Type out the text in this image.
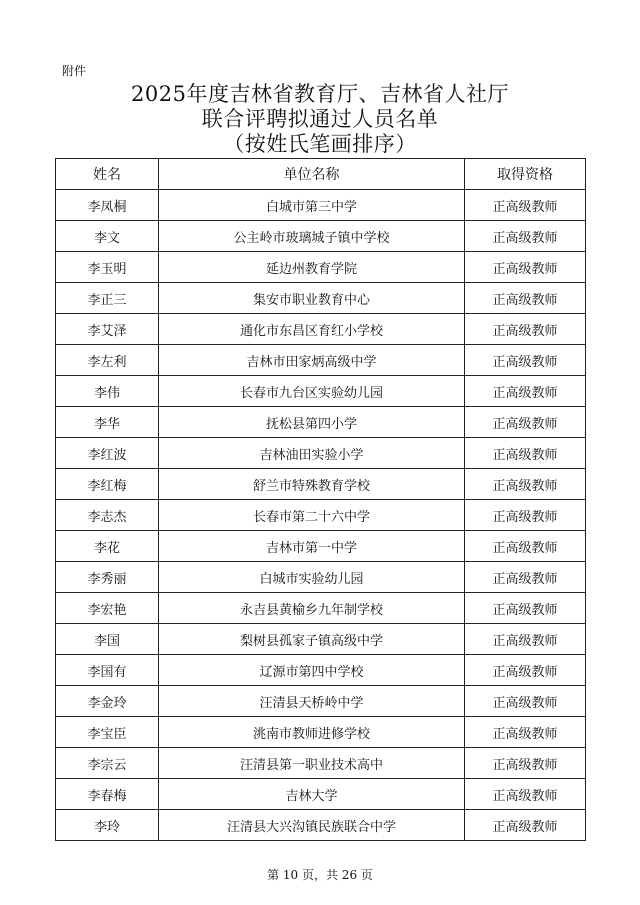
附件
2025年度吉林省教育厅、吉林省人社厅
联合评聘拟通过人员名单
（按姓氏笔画排序）
姓名	单位名称	取得资格
李凤桐	白城市第三中学	正高级教师
李文	公主岭市玻璃城子镇中学校	正高级教师
李玉明	延边州教育学院	正高级教师
李正三	集安市职业教育中心	正高级教师
李艾泽	通化市东昌区育红小学校	正高级教师
李左利	吉林市田家炳高级中学	正高级教师
李伟	长春市九台区实验幼儿园	正高级教师
李华	抚松县第四小学	正高级教师
李红波	吉林油田实验小学	正高级教师
李红梅	舒兰市特殊教育学校	正高级教师
李志杰	长春市第二十六中学	正高级教师
李花	吉林市第一中学	正高级教师
李秀丽	白城市实验幼儿园	正高级教师
李宏艳	永吉县黄榆乡九年制学校	正高级教师
李国	梨树县孤家子镇高级中学	正高级教师
李国有	辽源市第四中学校	正高级教师
李金玲	汪清县天桥岭中学	正高级教师
李宝臣	洮南市教师进修学校	正高级教师
李宗云	汪清县第一职业技术高中	正高级教师
李春梅	吉林大学	正高级教师
李玲	汪清县大兴沟镇民族联合中学	正高级教师
第 10 页，共 26 页
